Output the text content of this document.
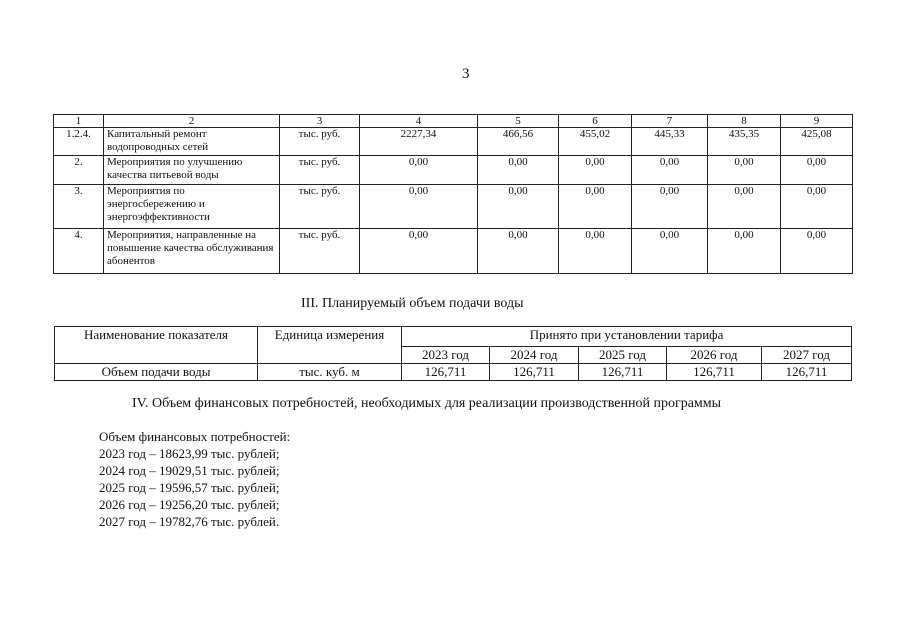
3
1	2	3	4	5	6	7	8	9
1.2.4.	Капитальный ремонт водопроводных сетей	тыс. руб.	2227,34	466,56	455,02	445,33	435,35	425,08
2.	Мероприятия по улучшению качества питьевой воды	тыс. руб.	0,00	0,00	0,00	0,00	0,00	0,00
3.	Мероприятия по энергосбережению и энергоэффективности	тыс. руб.	0,00	0,00	0,00	0,00	0,00	0,00
4.	Мероприятия, направленные на повышение качества обслуживания абонентов	тыс. руб.	0,00	0,00	0,00	0,00	0,00	0,00
III. Планируемый объем подачи воды
Наименование показателя	Единица измерения	Принято при установлении тарифа				
		2023 год	2024 год	2025 год	2026 год	2027 год
Объем подачи воды	тыс. куб. м	126,711	126,711	126,711	126,711	126,711
IV. Объем финансовых потребностей, необходимых для реализации производственной программы
Объем финансовых потребностей:
2023 год – 18623,99 тыс. рублей;
2024 год – 19029,51 тыс. рублей;
2025 год – 19596,57 тыс. рублей;
2026 год – 19256,20 тыс. рублей;
2027 год – 19782,76 тыс. рублей.
